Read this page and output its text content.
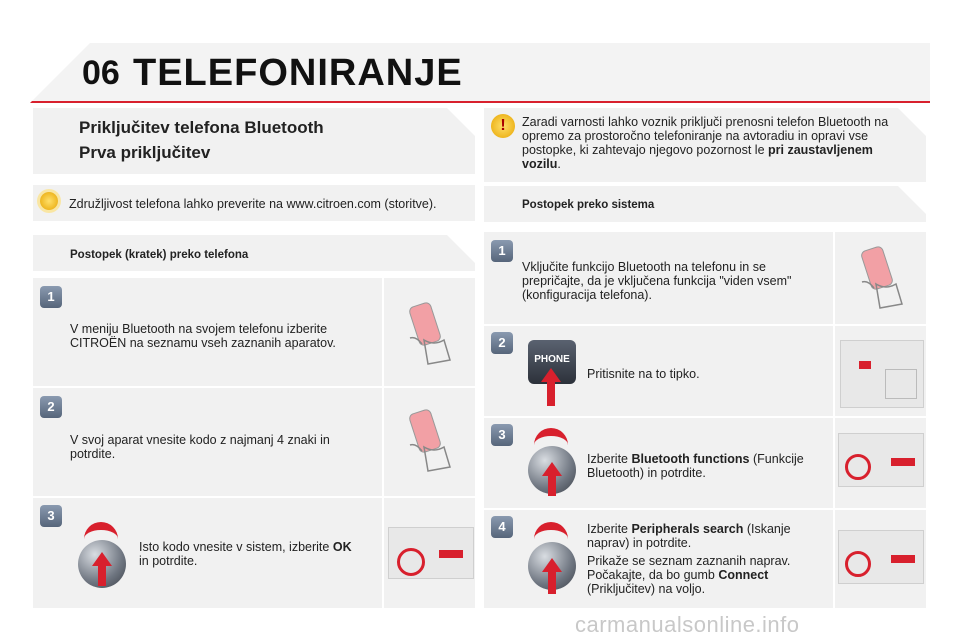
06 TELEFONIRANJE
Priključitev telefona Bluetooth
Prva priključitev
Združljivost telefona lahko preverite na www.citroen.com (storitve).
Postopek (kratek) preko telefona
1
V meniju Bluetooth na svojem telefonu izberite CITROËN na seznamu vseh zaznanih aparatov.
2
V svoj aparat vnesite kodo z najmanj 4 znaki in potrdite.
3
Isto kodo vnesite v sistem, izberite OK in potrdite.
!	Zaradi varnosti lahko voznik priključi prenosni telefon Bluetooth na opremo za prostoročno telefoniranje na avtoradiu in opravi vse postopke, ki zahtevajo njegovo pozornost le pri zaustavljenem vozilu.
Postopek preko sistema
1
Vključite funkcijo Bluetooth na telefonu in se prepričajte, da je vključena funkcija "viden vsem" (konfiguracija telefona).
2
PHONE
Pritisnite na to tipko.
3
Izberite Bluetooth functions (Funkcije Bluetooth) in potrdite.
4	Izberite Peripherals search (Iskanje naprav) in potrdite.
Prikaže se seznam zaznanih naprav. Počakajte, da bo gumb Connect (Priključitev) na voljo.
carmanualsonline.info
